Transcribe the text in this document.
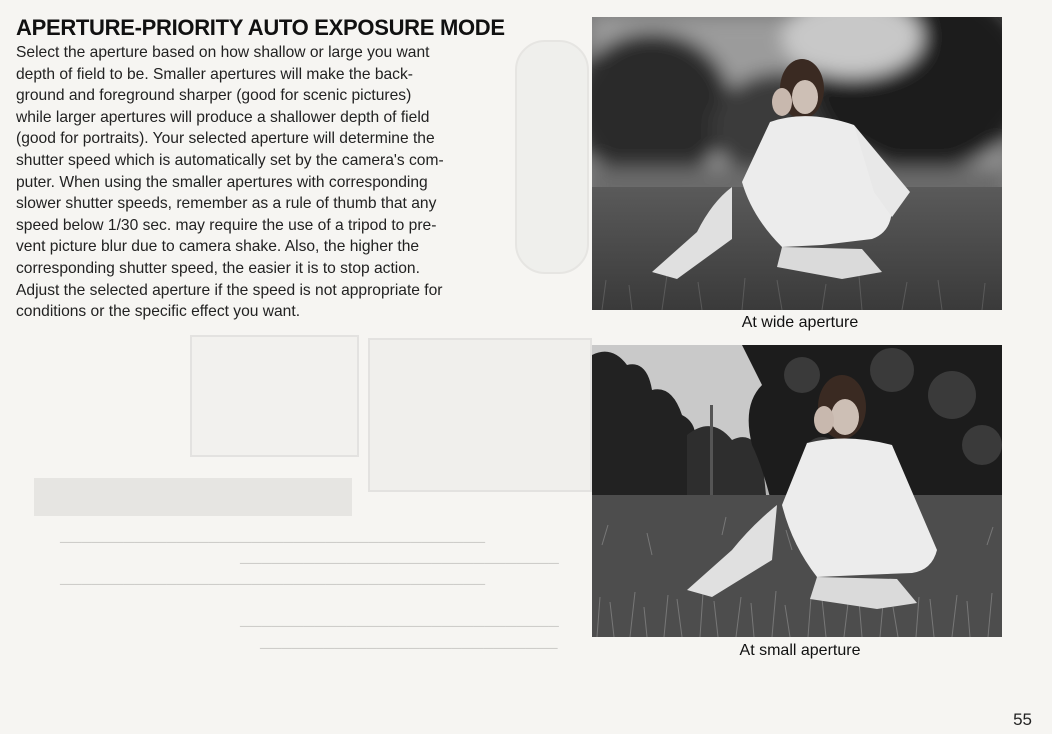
────────────────────────────────────────
──────────────────────────────
────────────────────────────────────────
──────────────────────────────
────────────────────────────
APERTURE-PRIORITY AUTO EXPOSURE MODE

Select the aperture based on how shallow or large you want
depth of field to be. Smaller apertures will make the back-
ground and foreground sharper (good for scenic pictures)
while larger apertures will produce a shallower depth of field
(good for portraits). Your selected aperture will determine the
shutter speed which is automatically set by the camera's com-
puter. When using the smaller apertures with corresponding
slower shutter speeds, remember as a rule of thumb that any
speed below 1/30 sec. may require the use of a tripod to pre-
vent picture blur due to camera shake. Also, the higher the
corresponding shutter speed, the easier it is to stop action.
Adjust the selected aperture if the speed is not appropriate for
conditions or the specific effect you want.

At wide aperture
At small aperture
55
